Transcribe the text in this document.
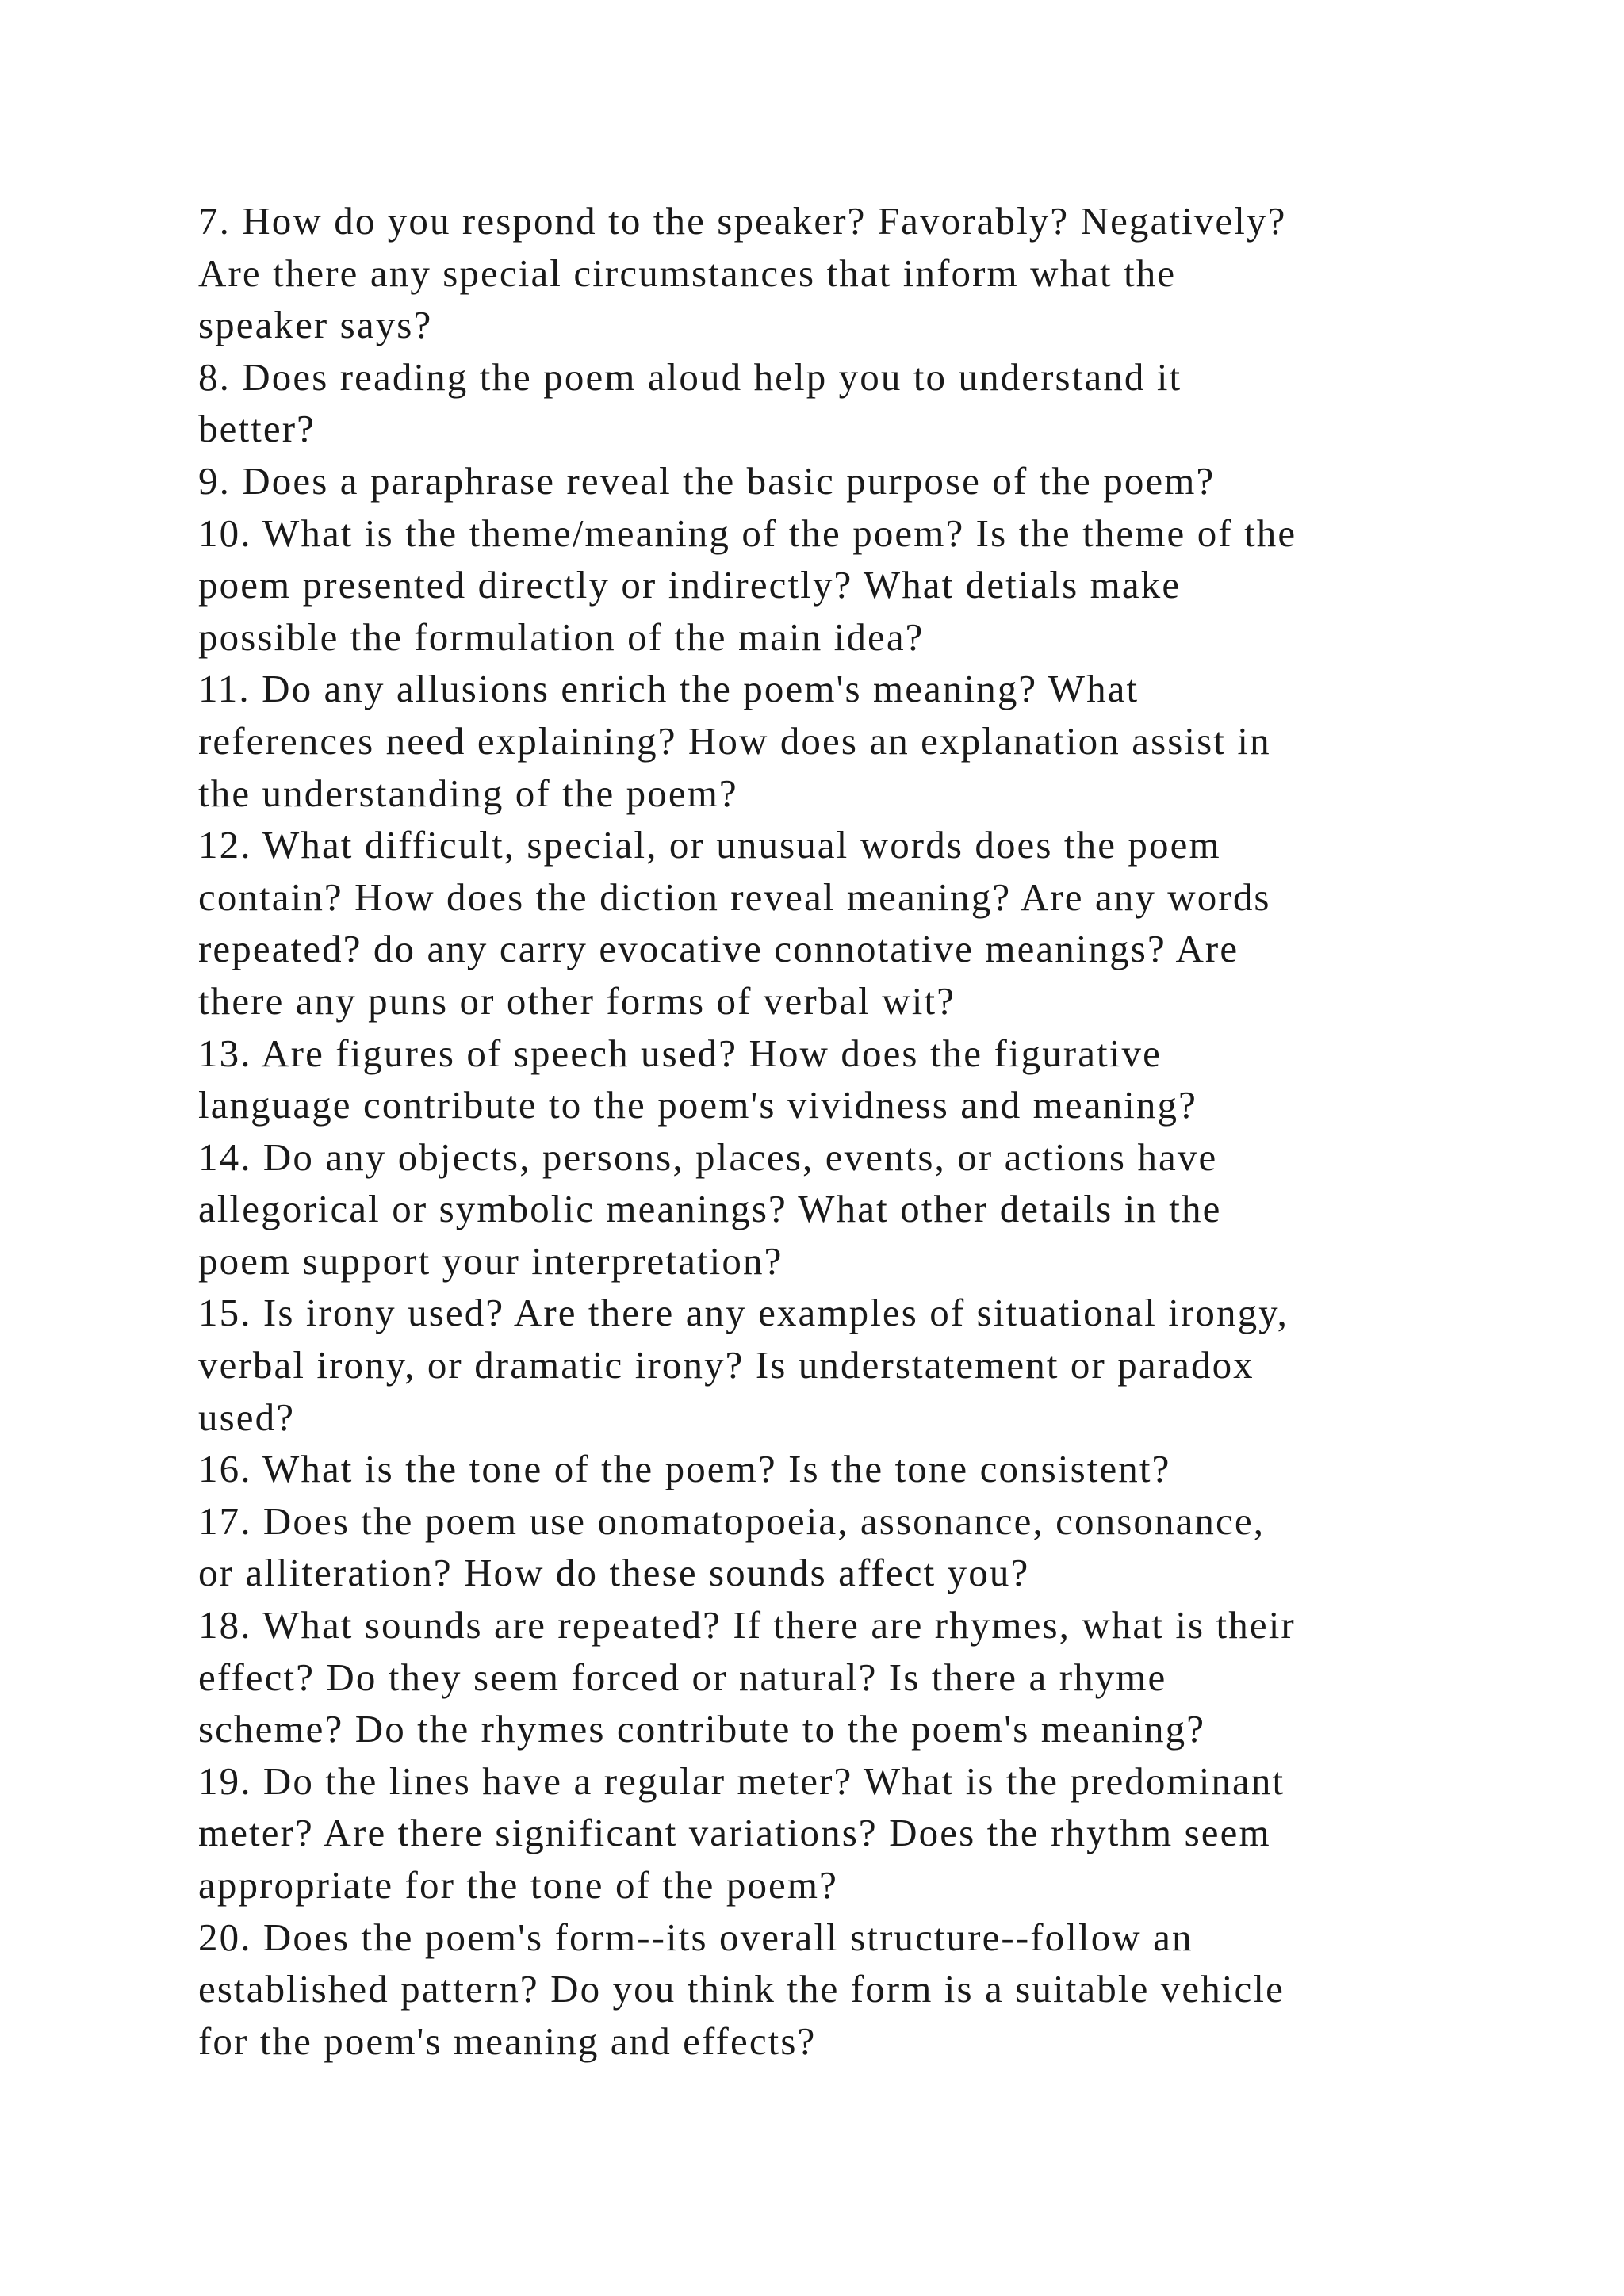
7. How do you respond to the speaker? Favorably? Negatively?
Are there any special circumstances that inform what the
speaker says?
8. Does reading the poem aloud help you to understand it
better?
9. Does a paraphrase reveal the basic purpose of the poem?
10. What is the theme/meaning of the poem? Is the theme of the
poem presented directly or indirectly? What detials make
possible the formulation of the main idea?
11. Do any allusions enrich the poem's meaning? What
references need explaining? How does an explanation assist in
the understanding of the poem?
12. What difficult, special, or unusual words does the poem
contain? How does the diction reveal meaning? Are any words
repeated? do any carry evocative connotative meanings? Are
there any puns or other forms of verbal wit?
13. Are figures of speech used? How does the figurative
language contribute to the poem's vividness and meaning?
14. Do any objects, persons, places, events, or actions have
allegorical or symbolic meanings? What other details in the
poem support your interpretation?
15. Is irony used? Are there any examples of situational irongy,
verbal irony, or dramatic irony? Is understatement or paradox
used?
16. What is the tone of the poem? Is the tone consistent?
17. Does the poem use onomatopoeia, assonance, consonance,
or alliteration? How do these sounds affect you?
18. What sounds are repeated? If there are rhymes, what is their
effect? Do they seem forced or natural? Is there a rhyme
scheme? Do the rhymes contribute to the poem's meaning?
19. Do the lines have a regular meter? What is the predominant
meter? Are there significant variations? Does the rhythm seem
appropriate for the tone of the poem?
20. Does the poem's form--its overall structure--follow an
established pattern? Do you think the form is a suitable vehicle
for the poem's meaning and effects?
